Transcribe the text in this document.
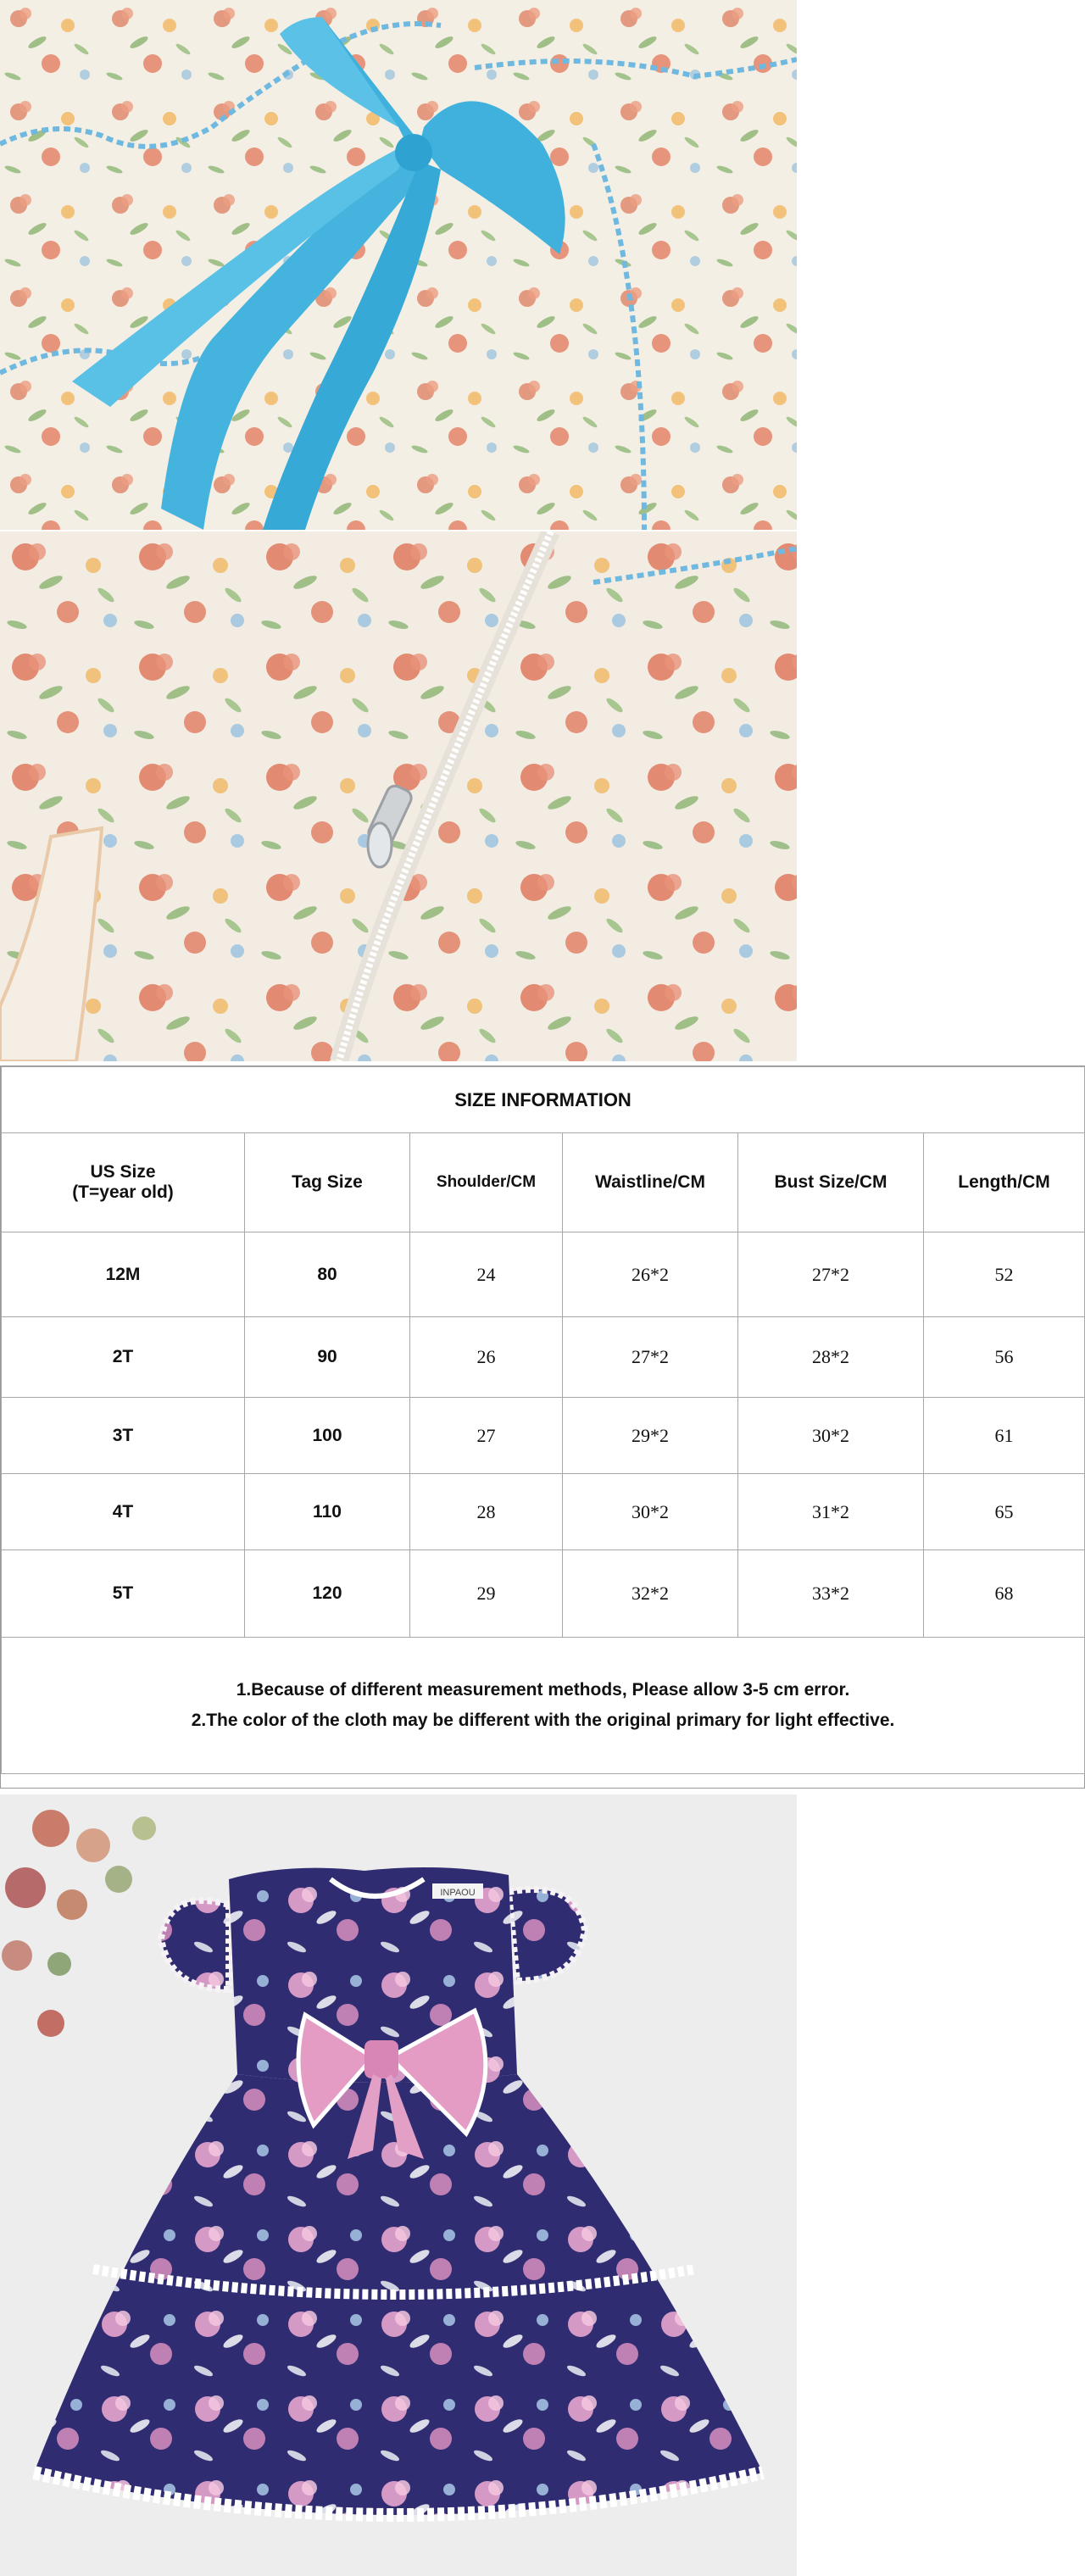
SIZE INFORMATION					

US Size
(T=year old)	Tag Size	Shoulder/CM	Waistline/CM	Bust Size/CM	Length/CM
12M	80	24	26*2	27*2	52
2T	90	26	27*2	28*2	56
3T	100	27	29*2	30*2	61
4T	110	28	30*2	31*2	65
5T	120	29	32*2	33*2	68

1.Because of different measurement methods, Please allow 3-5 cm error.
2.The color of the cloth may be different with the original primary for light effective.					
INPAOU
